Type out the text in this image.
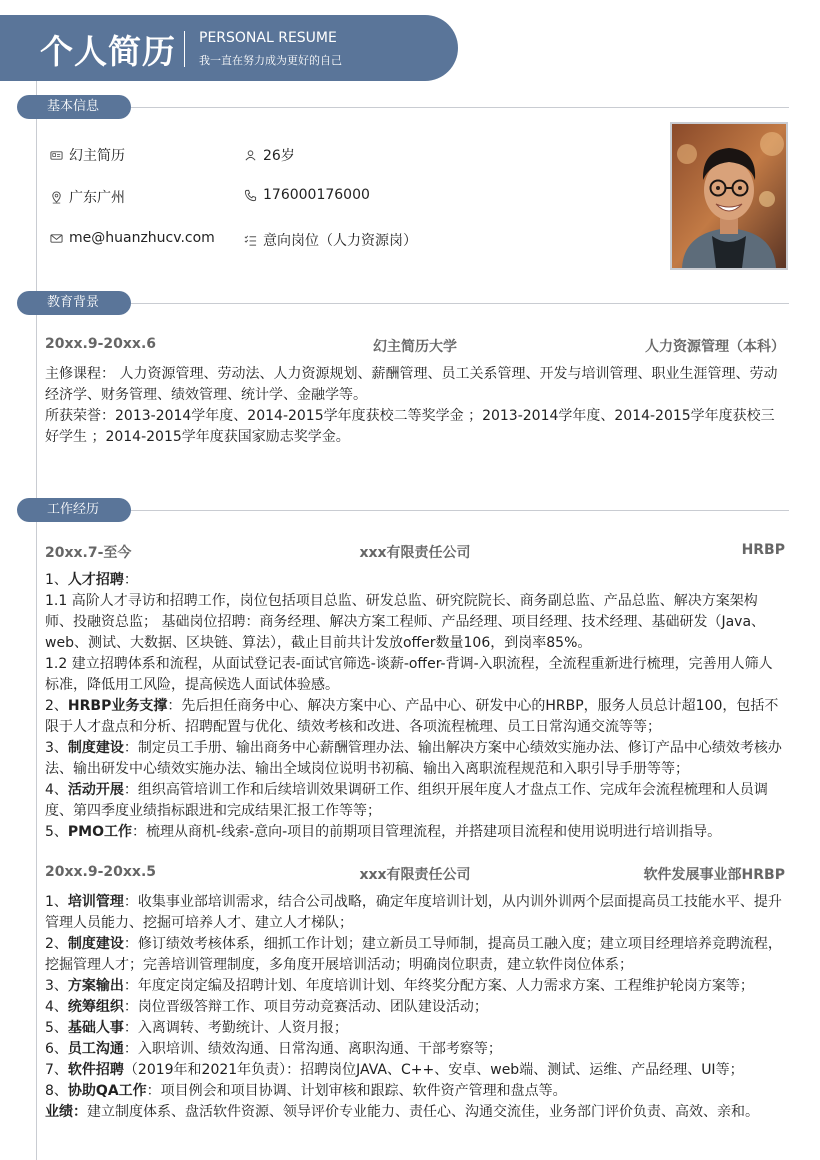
个人简历 PERSONAL RESUME
我一直在努力成为更好的自己
基本信息
幻主简历	26岁
广东广州	176000176000
me@huanzhucv.com	意向岗位（人力资源岗）
教育背景
20xx.9-20xx.6	幻主简历大学	人力资源管理（本科）

主修课程： 人力资源管理、劳动法、人力资源规划、薪酬管理、员工关系管理、开发与培训管理、职业生涯管理、劳动经济学、财务管理、绩效管理、统计学、金融学等。

所获荣誉：2013-2014学年度、2014-2015学年度获校二等奖学金 ；2013-2014学年度、2014-2015学年度获校三好学生 ；2014-2015学年度获国家励志奖学金。

工作经历
20xx.7-至今	xxx有限责任公司	HRBP

1、人才招聘：

1.1 高阶人才寻访和招聘工作，岗位包括项目总监、研发总监、研究院院长、商务副总监、产品总监、解决方案架构师、投融资总监； 基础岗位招聘：商务经理、解决方案工程师、产品经理、项目经理、技术经理、基础研发（Java、web、测试、大数据、区块链、算法），截止目前共计发放offer数量106，到岗率85%。

1.2 建立招聘体系和流程，从面试登记表-面试官筛选-谈薪-offer-背调-入职流程，全流程重新进行梳理，完善用人筛人标准，降低用工风险，提高候选人面试体验感。

2、HRBP业务支撑：先后担任商务中心、解决方案中心、产品中心、研发中心的HRBP，服务人员总计超100，包括不限于人才盘点和分析、招聘配置与优化、绩效考核和改进、各项流程梳理、员工日常沟通交流等等；

3、制度建设：制定员工手册、输出商务中心薪酬管理办法、输出解决方案中心绩效实施办法、修订产品中心绩效考核办法、输出研发中心绩效实施办法、输出全域岗位说明书初稿、输出入离职流程规范和入职引导手册等等；

4、活动开展：组织高管培训工作和后续培训效果调研工作、组织开展年度人才盘点工作、完成年会流程梳理和人员调度、第四季度业绩指标跟进和完成结果汇报工作等等；

5、PMO工作：梳理从商机-线索-意向-项目的前期项目管理流程，并搭建项目流程和使用说明进行培训指导。

20xx.9-20xx.5	xxx有限责任公司	软件发展事业部HRBP

1、培训管理：收集事业部培训需求，结合公司战略，确定年度培训计划，从内训外训两个层面提高员工技能水平、提升管理人员能力、挖掘可培养人才、建立人才梯队；

2、制度建设：修订绩效考核体系，细抓工作计划；建立新员工导师制，提高员工融入度；建立项目经理培养竞聘流程，挖掘管理人才；完善培训管理制度，多角度开展培训活动；明确岗位职责，建立软件岗位体系；

3、方案输出：年度定岗定编及招聘计划、年度培训计划、年终奖分配方案、人力需求方案、工程维护轮岗方案等；

4、统筹组织：岗位晋级答辩工作、项目劳动竞赛活动、团队建设活动；

5、基础人事：入离调转、考勤统计、人资月报；

6、员工沟通：入职培训、绩效沟通、日常沟通、离职沟通、干部考察等；

7、软件招聘（2019年和2021年负责）：招聘岗位JAVA、C++、安卓、web端、测试、运维、产品经理、UI等；

8、协助QA工作：项目例会和项目协调、计划审核和跟踪、软件资产管理和盘点等。

业绩：建立制度体系、盘活软件资源、领导评价专业能力、责任心、沟通交流佳，业务部门评价负责、高效、亲和。
